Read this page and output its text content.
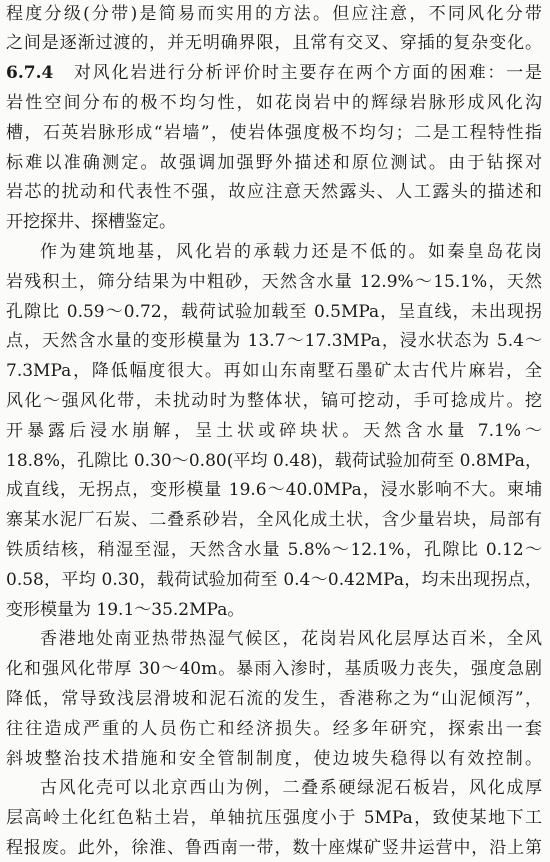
程度分级(分带)是简易而实用的方法。但应注意，不同风化分带
之间是逐渐过渡的，并无明确界限，且常有交叉、穿插的复杂变化。
6.7.4　对风化岩进行分析评价时主要存在两个方面的困难：一是
岩性空间分布的极不均匀性，如花岗岩中的辉绿岩脉形成风化沟
槽，石英岩脉形成“岩墙”，使岩体强度极不均匀；二是工程特性指
标难以准确测定。故强调加强野外描述和原位测试。由于钻探对
岩芯的扰动和代表性不强，故应注意天然露头、人工露头的描述和
开挖探井、探槽鉴定。
作为建筑地基，风化岩的承载力还是不低的。如秦皇岛花岗
岩残积土，筛分结果为中粗砂，天然含水量 12.9%～15.1%，天然
孔隙比 0.59～0.72，载荷试验加载至 0.5MPa，呈直线，未出现拐
点，天然含水量的变形模量为 13.7～17.3MPa，浸水状态为 5.4～
7.3MPa，降低幅度很大。再如山东南墅石墨矿太古代片麻岩，全
风化～强风化带，未扰动时为整体状，镐可挖动，手可捻成片。挖
开暴露后浸水崩解，呈土状或碎块状。天然含水量 7.1%～
18.8%，孔隙比 0.30～0.80(平均 0.48)，载荷试验加荷至 0.8MPa，
成直线，无拐点，变形模量 19.6～40.0MPa，浸水影响不大。柬埔
寨某水泥厂石炭、二叠系砂岩，全风化成土状，含少量岩块，局部有
铁质结核，稍湿至湿，天然含水量 5.8%～12.1%，孔隙比 0.12～
0.58，平均 0.30，载荷试验加荷至 0.4～0.42MPa，均未出现拐点，
变形模量为 19.1～35.2MPa。
香港地处南亚热带热湿气候区，花岗岩风化层厚达百米，全风
化和强风化带厚 30～40m。暴雨入渗时，基质吸力丧失，强度急剧
降低，常导致浅层滑坡和泥石流的发生，香港称之为“山泥倾泻”，
往往造成严重的人员伤亡和经济损失。经多年研究，探索出一套
斜坡整治技术措施和安全管制制度，使边坡失稳得以有效控制。
古风化壳可以北京西山为例，二叠系硬绿泥石板岩，风化成厚
层高岭土化红色粘土岩，单轴抗压强度小于 5MPa，致使某地下工
程报废。此外，徐淮、鲁西南一带，数十座煤矿竖井运营中，沿上第
